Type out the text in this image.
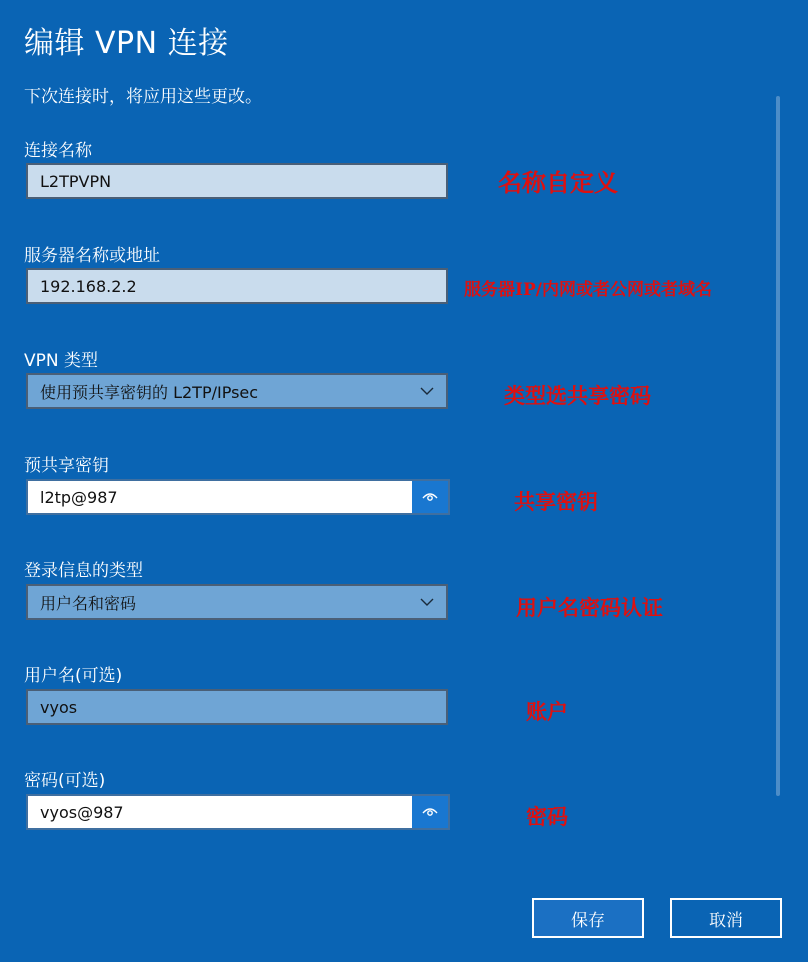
编辑 VPN 连接
下次连接时，将应用这些更改。
连接名称
L2TPVPN	名称自定义
服务器名称或地址
192.168.2.2	服务器IP/内网或者公网或者域名
VPN 类型
使用预共享密钥的 L2TP/IPsec	类型选共享密码
预共享密钥
l2tp@987	共享密钥
登录信息的类型
用户名和密码	用户名密码认证
用户名(可选)
vyos	账户
密码(可选)
vyos@987	密码
保存	取消
